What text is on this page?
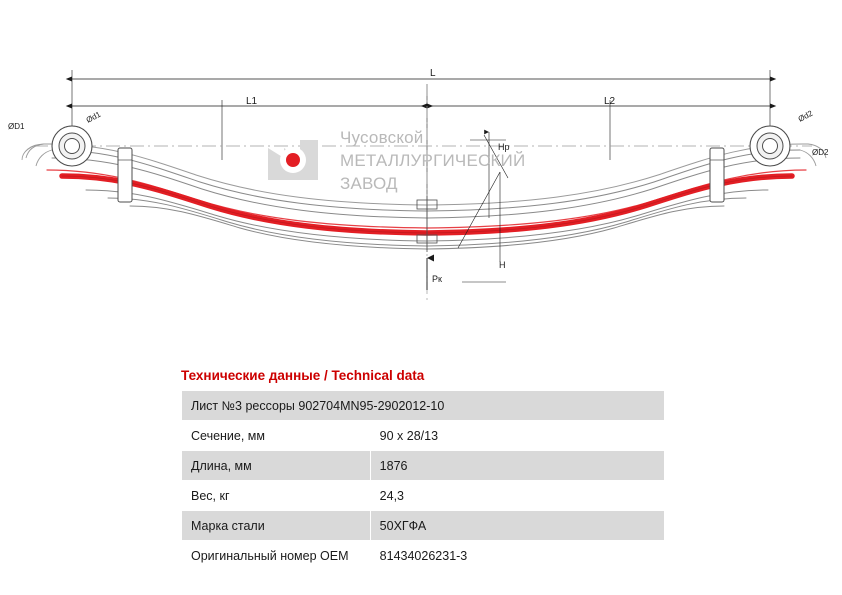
L
L1	L2
ØD1
Ød1	Ød2
ØD2
Hp
H
Pк
Чусовской
МЕТАЛЛУРГИЧЕСКИЙ
ЗАВОД
Технические данные / Technical data
Лист №3 рессоры 902704MN95-2902012-10	
Сечение, мм	90 x 28/13
Длина, мм	1876
Вес, кг	24,3
Марка стали	50ХГФА
Оригинальный номер OEM	81434026231-3
